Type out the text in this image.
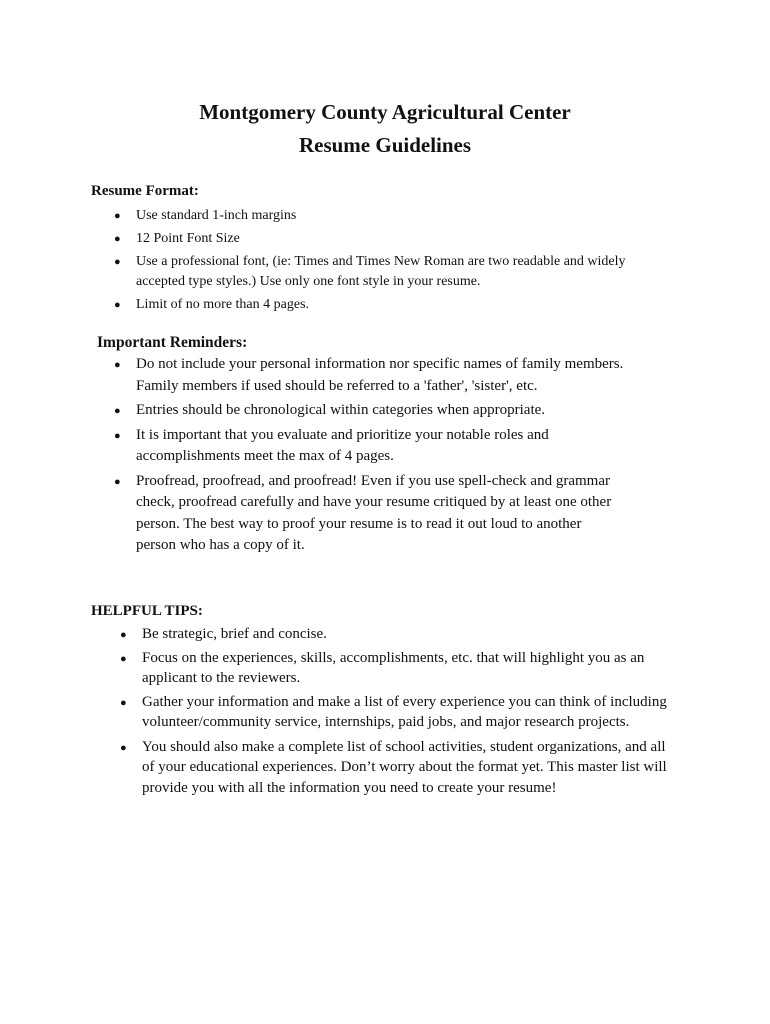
Montgomery County Agricultural Center
Resume Guidelines
Resume Format:
● Use standard 1-inch margins
● 12 Point Font Size
● Use a professional font, (ie: Times and Times New Roman are two readable and widely accepted type styles.) Use only one font style in your resume.
● Limit of no more than 4 pages.
Important Reminders:
● Do not include your personal information nor specific names of family members. Family members if used should be referred to a 'father', 'sister', etc.
● Entries should be chronological within categories when appropriate.
● It is important that you evaluate and prioritize your notable roles and accomplishments meet the max of 4 pages.
● Proofread, proofread, and proofread! Even if you use spell-check and grammar check, proofread carefully and have your resume critiqued by at least one other person. The best way to proof your resume is to read it out loud to another person who has a copy of it.
HELPFUL TIPS:
● Be strategic, brief and concise.
● Focus on the experiences, skills, accomplishments, etc. that will highlight you as an applicant to the reviewers.
● Gather your information and make a list of every experience you can think of including volunteer/community service, internships, paid jobs, and major research projects.
● You should also make a complete list of school activities, student organizations, and all of your educational experiences. Don’t worry about the format yet. This master list will provide you with all the information you need to create your resume!
